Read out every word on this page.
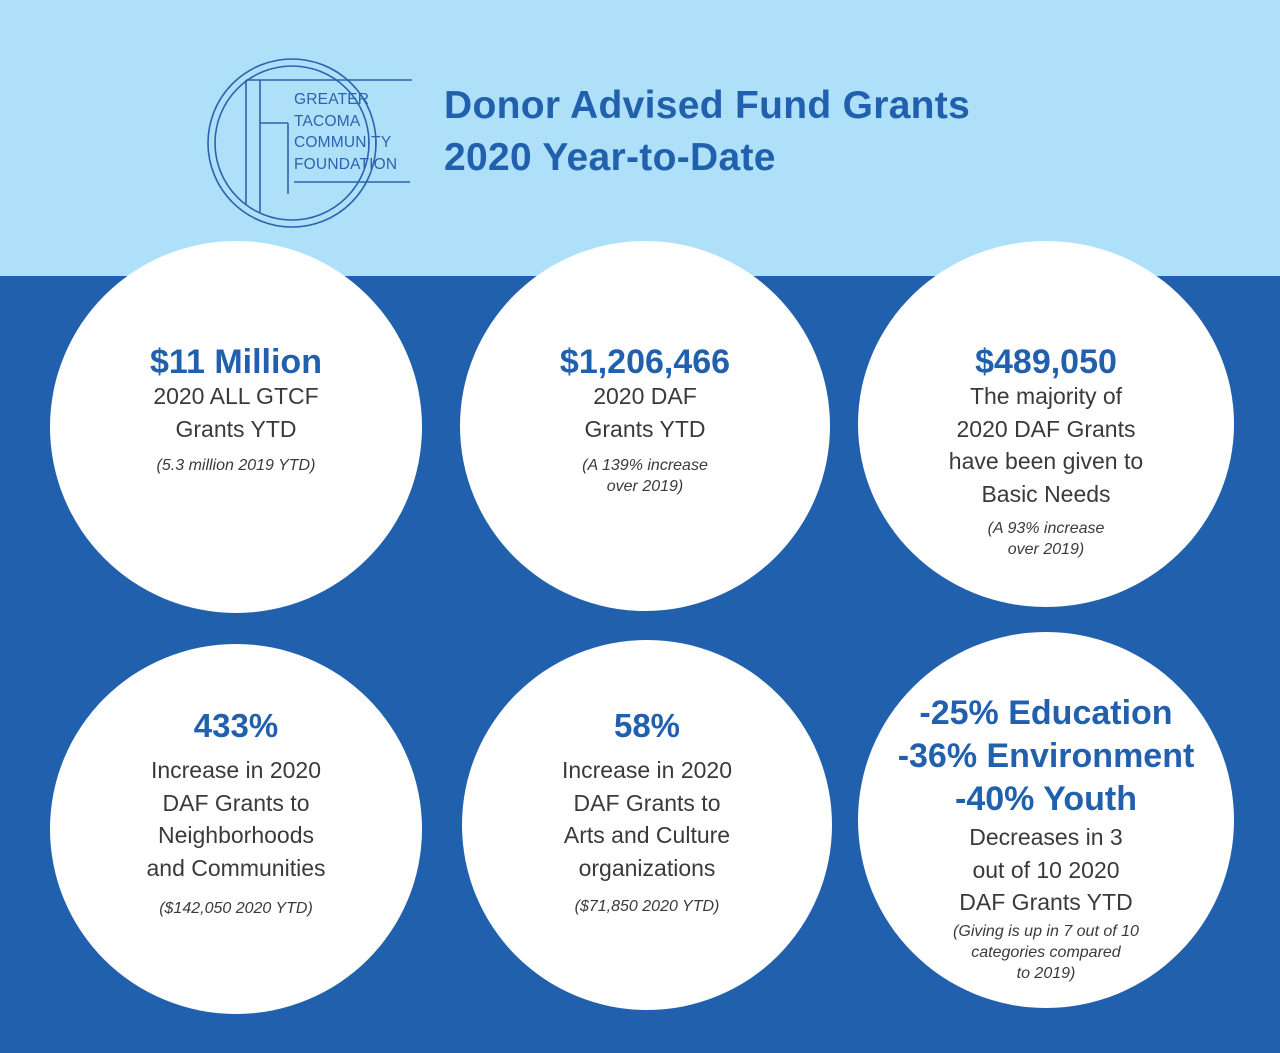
GREATER
TACOMA
COMMUNITY
FOUNDATION
Donor Advised Fund Grants
2020 Year-to-Date
$11 Million
2020 ALL GTCF
Grants YTD
(5.3 million 2019 YTD)
$1,206,466
2020 DAF
Grants YTD
(A 139% increase
over 2019)
$489,050
The majority of
2020 DAF Grants
have been given to
Basic Needs
(A 93% increase
over 2019)
433%
Increase in 2020
DAF Grants to
Neighborhoods
and Communities
($142,050 2020 YTD)
58%
Increase in 2020
DAF Grants to
Arts and Culture
organizations
($71,850 2020 YTD)
-25% Education
-36% Environment
-40% Youth
Decreases in 3
out of 10 2020
DAF Grants YTD
(Giving is up in 7 out of 10
categories compared
to 2019)
